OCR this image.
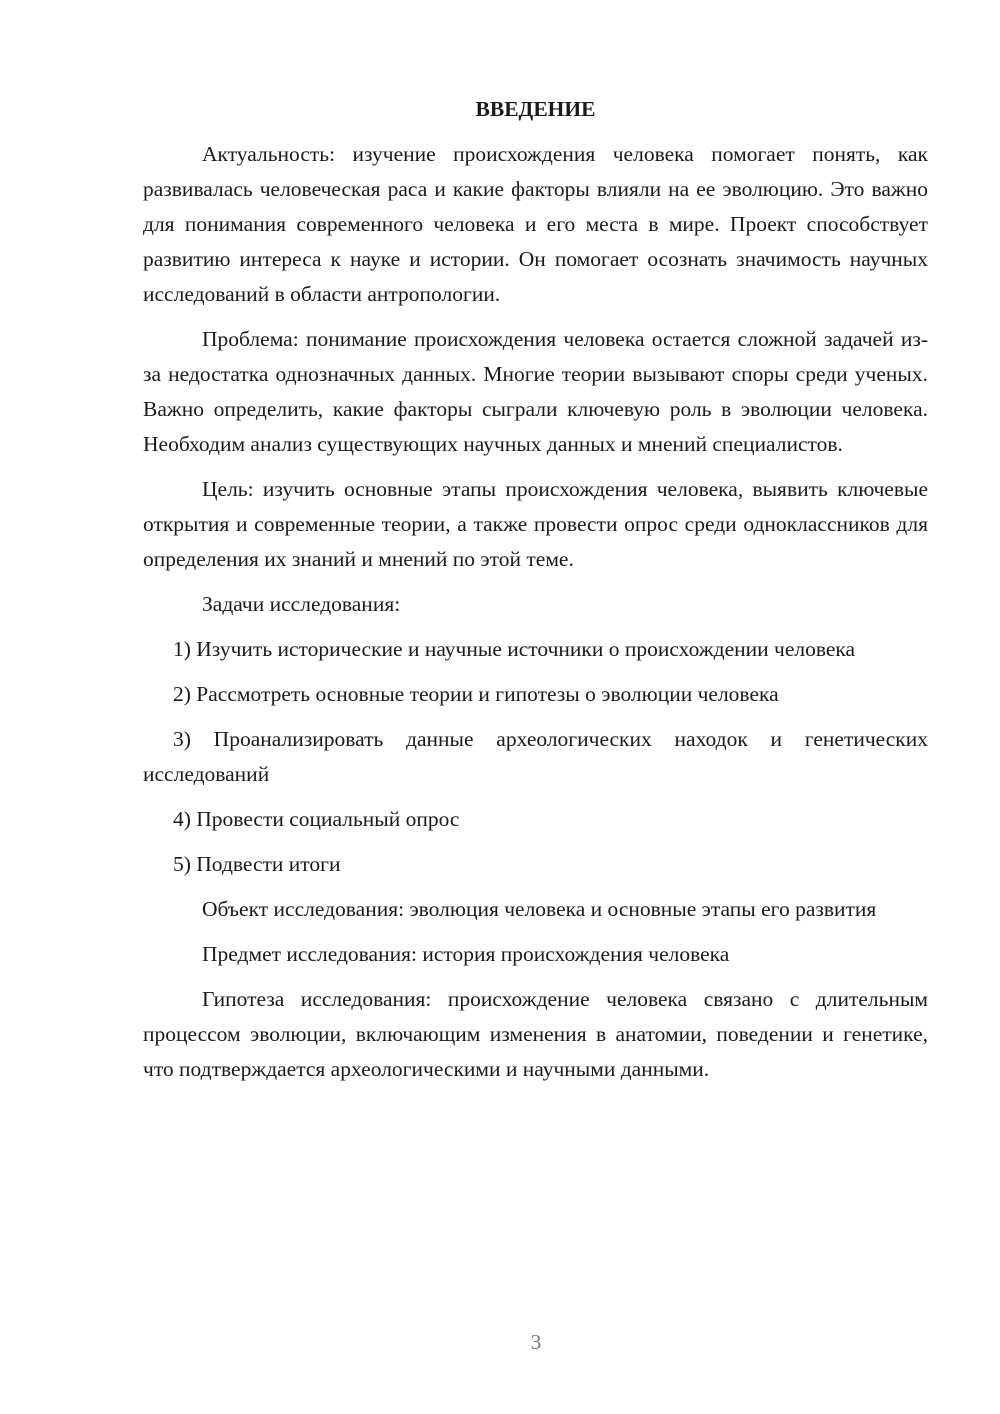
ВВЕДЕНИЕ

Актуальность: изучение происхождения человека помогает понять, как развивалась человеческая раса и какие факторы влияли на ее эволюцию. Это важно для понимания современного человека и его места в мире. Проект способствует развитию интереса к науке и истории. Он помогает осознать значимость научных исследований в области антропологии.

Проблема: понимание происхождения человека остается сложной задачей из-за недостатка однозначных данных. Многие теории вызывают споры среди ученых. Важно определить, какие факторы сыграли ключевую роль в эволюции человека. Необходим анализ существующих научных данных и мнений специалистов.

Цель: изучить основные этапы происхождения человека, выявить ключевые открытия и современные теории, а также провести опрос среди одноклассников для определения их знаний и мнений по этой теме.

Задачи исследования:

1) Изучить исторические и научные источники о происхождении человека

2) Рассмотреть основные теории и гипотезы о эволюции человека

3) Проанализировать данные археологических находок и генетических исследований

4) Провести социальный опрос

5) Подвести итоги

Объект исследования: эволюция человека и основные этапы его развития

Предмет исследования: история происхождения человека

Гипотеза исследования: происхождение человека связано с длительным процессом эволюции, включающим изменения в анатомии, поведении и генетике, что подтверждается археологическими и научными данными.

3
